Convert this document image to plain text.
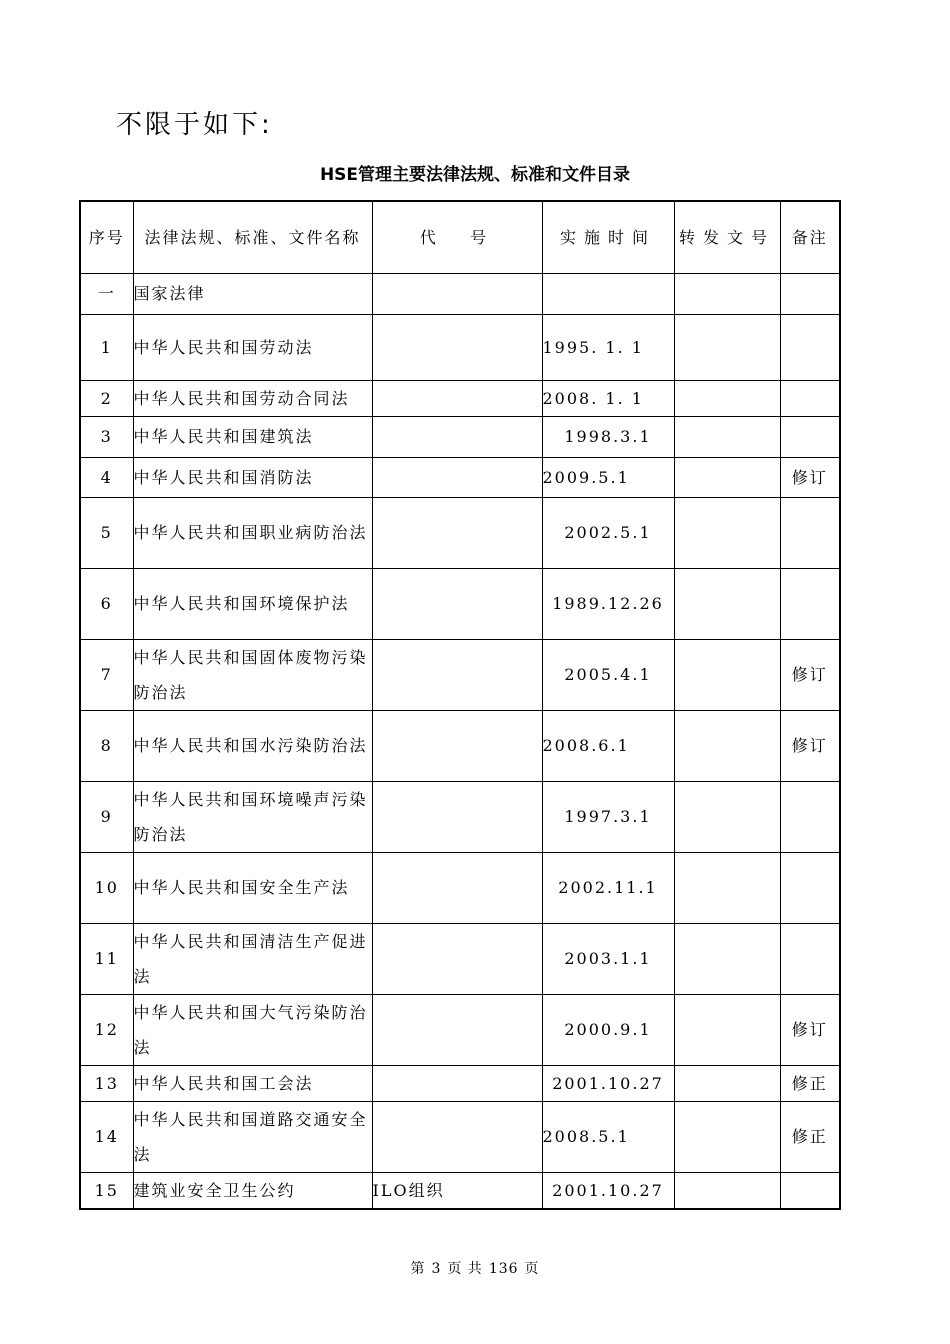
不限于如下:
HSE管理主要法律法规、标准和文件目录
序号	法律法规、标准、文件名称	代  号	实施时间	转发文号	备注

一	国家法律				
1	中华人民共和国劳动法		1995. 1. 1		
2	中华人民共和国劳动合同法		2008. 1. 1		
3	中华人民共和国建筑法		1998.3.1		
4	中华人民共和国消防法		2009.5.1		修订
5	中华人民共和国职业病防治法		2002.5.1		
6	中华人民共和国环境保护法		1989.12.26		
7	中华人民共和国固体废物污染防治法		2005.4.1		修订
8	中华人民共和国水污染防治法		2008.6.1		修订
9	中华人民共和国环境噪声污染防治法		1997.3.1		
10	中华人民共和国安全生产法		2002.11.1		
11	中华人民共和国清洁生产促进法		2003.1.1		
12	中华人民共和国大气污染防治法		2000.9.1		修订
13	中华人民共和国工会法		2001.10.27		修正
14	中华人民共和国道路交通安全法		2008.5.1		修正
15	建筑业安全卫生公约	ILO组织	2001.10.27		
第 3 页 共 136 页
